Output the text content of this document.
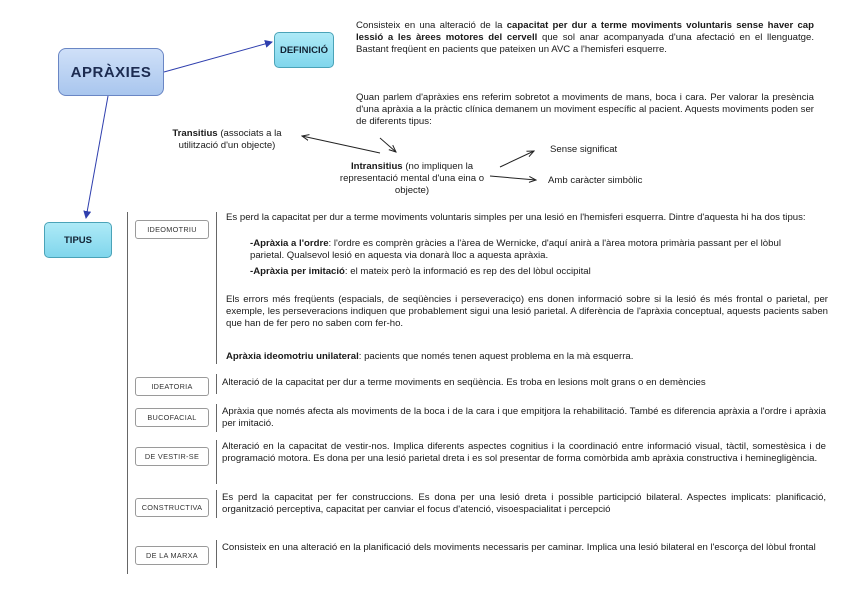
APRÀXIES
DEFINICIÓ
Consisteix en una alteració de la capacitat per dur a terme moviments voluntaris sense haver cap lessió a les àrees motores del cervell que sol anar acompanyada d'una afectació en el llenguatge. Bastant freqüent en pacients que pateixen un AVC a l'hemisferi esquerre.
Quan parlem d'apràxies ens referim sobretot a moviments de mans, boca i cara. Per valorar la presència d'una apràxia a la pràctic clínica demanem un moviment específic al pacient. Aquests moviments poden ser de diferents tipus:
Transitius (associats a la utilització d'un objecte)
Intransitius (no impliquen la representació mental d'una eina o objecte)
Sense significat
Amb caràcter simbòlic
TIPUS
IDEOMOTRIU
Es perd la capacitat per dur a terme moviments voluntaris simples per una lesió en l'hemisferi esquerra. Dintre d'aquesta hi ha dos tipus:
-Apràxia a l'ordre: l'ordre es comprèn gràcies a l'àrea de Wernicke, d'aquí anirà a l'àrea motora primària passant per el lòbul parietal. Qualsevol lesió en aquesta via donarà lloc a aquesta apràxia.
-Apràxia per imitació: el mateix però la informació es rep des del lòbul occipital
Els errors més freqüents (espacials, de seqüències i perseveraciço) ens donen informació sobre si la lesió és més frontal o parietal, per exemple, les perseveracions indiquen que probablement sigui una lesió parietal. A diferència de l'apràxia conceptual, aquests pacients saben que han de fer pero no saben com fer-ho.
Apràxia ideomotriu unilateral: pacients que només tenen aquest problema en la mà esquerra.
IDEATORIA	Alteració de la capacitat per dur a terme moviments en seqüència. Es troba en lesions molt grans o en demències
BUCOFACIAL
Apràxia que només afecta als moviments de la boca i de la cara i que empitjora la rehabilitació. També es diferencia apràxia a l'ordre i apràxia per imitació.
DE VESTIR-SE
Alteració en la capacitat de vestir-nos. Implica diferents aspectes cognitius i la coordinació entre informació visual, tàctil, somestèsica i de programació motora. Es dona per una lesió parietal dreta i es sol presentar de forma comòrbida amb apràxia constructiva i heminegligència.
CONSTRUCTIVA
Es perd la capacitat per fer construccions. Es dona per una lesió dreta i possible participció bilateral. Aspectes implicats: planificació, organització perceptiva, capacitat per canviar el focus d'atenció, visoespacialitat i percepció
DE LA MARXA
Consisteix en una alteració en la planificació dels moviments necessaris per caminar. Implica una lesió bilateral en l'escorça del lòbul frontal
